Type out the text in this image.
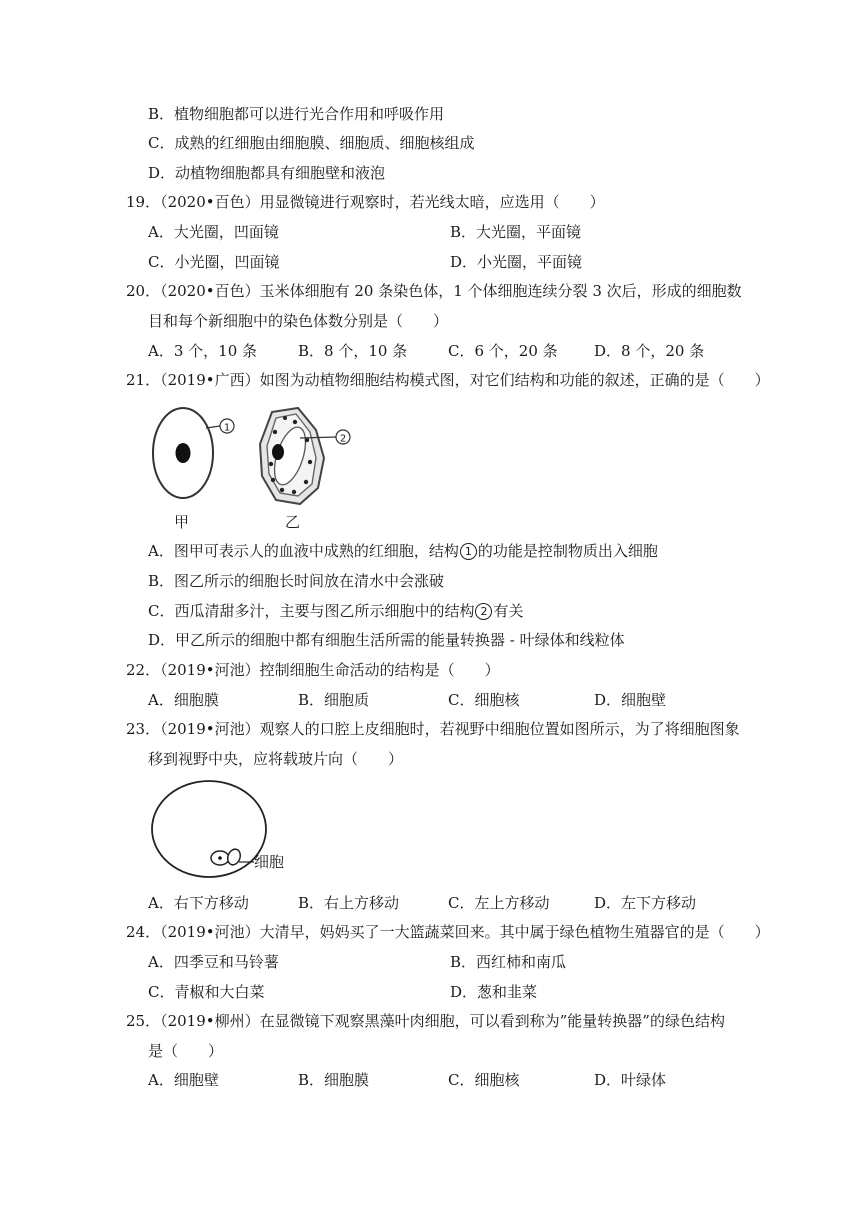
B．植物细胞都可以进行光合作用和呼吸作用
C．成熟的红细胞由细胞膜、细胞质、细胞核组成
D．动植物细胞都具有细胞壁和液泡
19．（2020•百色）用显微镜进行观察时，若光线太暗，应选用（　　）
A．大光圈，凹面镜	B．大光圈，平面镜
C．小光圈，凹面镜	D．小光圈，平面镜
20．（2020•百色）玉米体细胞有 20 条染色体，1 个体细胞连续分裂 3 次后，形成的细胞数
目和每个新细胞中的染色体数分别是（　　）
A．3 个，10 条	B．8 个，10 条	C．6 个，20 条 D．8 个，20 条
21．（2019•广西）如图为动植物细胞结构模式图，对它们结构和功能的叙述，正确的是（　　）
1
2
甲	乙
A．图甲可表示人的血液中成熟的红细胞，结构 1 的功能是控制物质出入细胞
B．图乙所示的细胞长时间放在清水中会涨破
C．西瓜清甜多汁，主要与图乙所示细胞中的结构 2 有关
D．甲乙所示的细胞中都有细胞生活所需的能量转换器 - 叶绿体和线粒体
22．（2019•河池）控制细胞生命活动的结构是（　　）
A．细胞膜	B．细胞质	C．细胞核	D．细胞壁
23．（2019•河池）观察人的口腔上皮细胞时，若视野中细胞位置如图所示，为了将细胞图象
移到视野中央，应将载玻片向（　　）
细胞
A．右下方移动	B．右上方移动	C．左上方移动	D．左下方移动
24．（2019•河池）大清早，妈妈买了一大篮蔬菜回来。其中属于绿色植物生殖器官的是（　　）
A．四季豆和马铃薯	B．西红柿和南瓜
C．青椒和大白菜	D．葱和韭菜
25．（2019•柳州）在显微镜下观察黑藻叶肉细胞，可以看到称为”能量转换器”的绿色结构
是（　　）
A．细胞壁	B．细胞膜	C．细胞核	D．叶绿体
